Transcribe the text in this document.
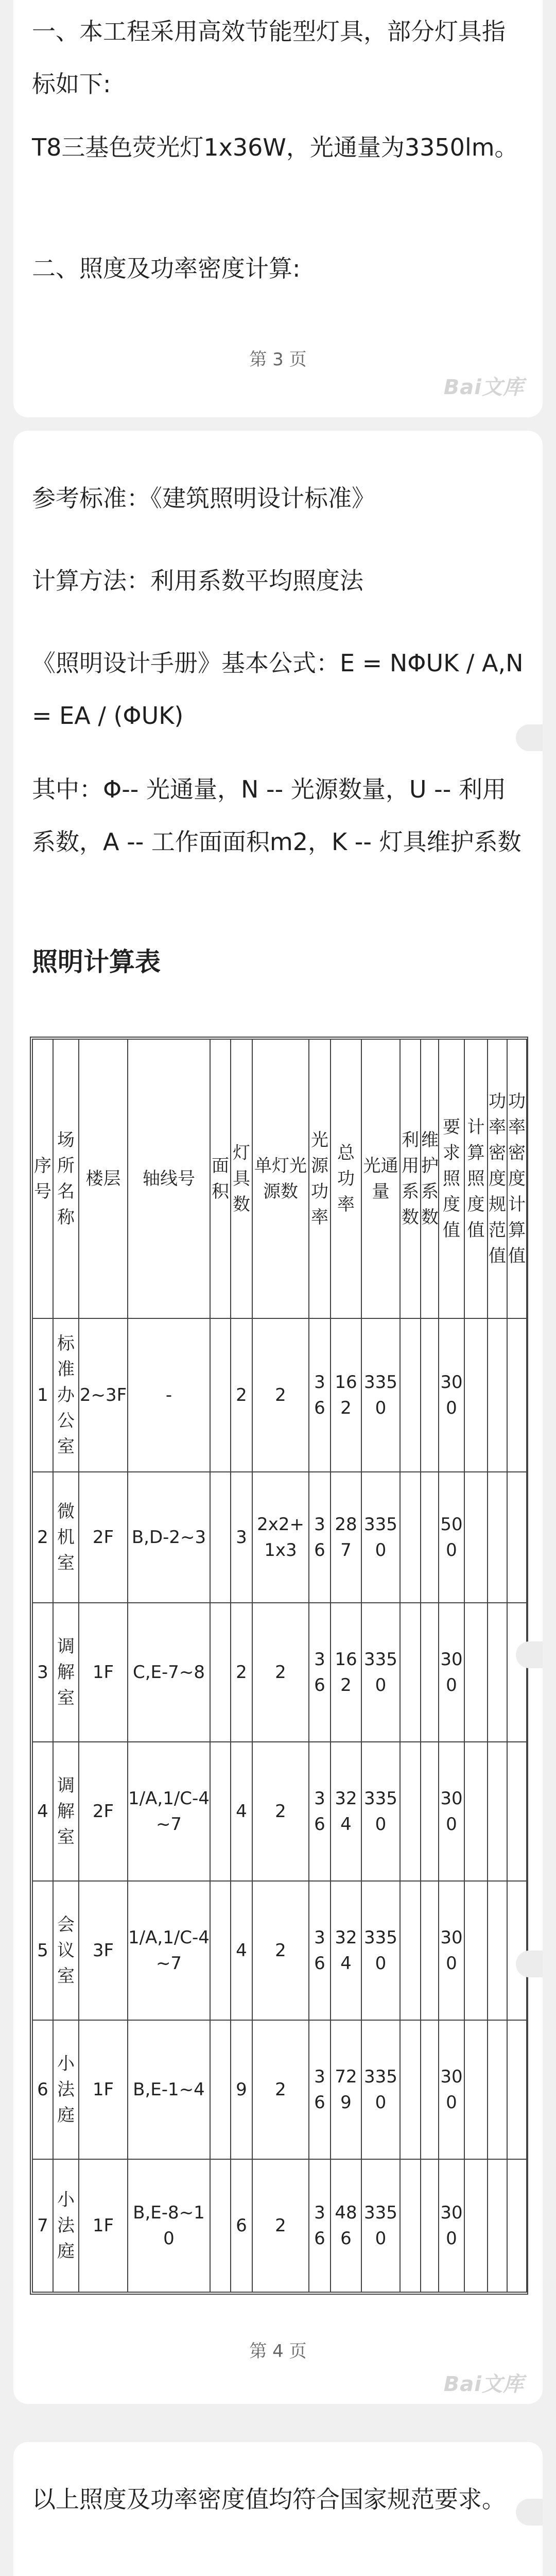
一、本工程采用高效节能型灯具，部分灯具指标如下:

T8三基色荧光灯1x36W，光通量为3350lm。

二、照度及功率密度计算:

第 3 页
Bai文库

参考标准：《建筑照明设计标准》

计算方法：利用系数平均照度法

《照明设计手册》基本公式：E = NΦUK / A,N = EA / (ΦUK)

其中：Φ-- 光通量，N -- 光源数量，U -- 利用系数，A -- 工作面面积m2，K -- 灯具维护系数

照明计算表

序号	场所名称	楼层	轴线号	面积	灯具数	单灯光源数	光源功率	总功率	光通量	利用系数	维护系数	要求照度值	计算照度值	功率密度规范值	功率密度计算值
1	标准办公室	2~3F	-		2	2	36	162	3350			300			
2	微机室	2F	B,D-2~3		3	2x2+1x3	36	287	3350			500			
3	调解室	1F	C,E-7~8		2	2	36	162	3350			300			
4	调解室	2F	1/A,1/C-4~7		4	2	36	324	3350			300			
5	会议室	3F	1/A,1/C-4~7		4	2	36	324	3350			300			
6	小法庭	1F	B,E-1~4		9	2	36	729	3350			300			
7	小法庭	1F	B,E-8~10		6	2	36	486	3350			300			
第 4 页
Bai文库

以上照度及功率密度值均符合国家规范要求。
